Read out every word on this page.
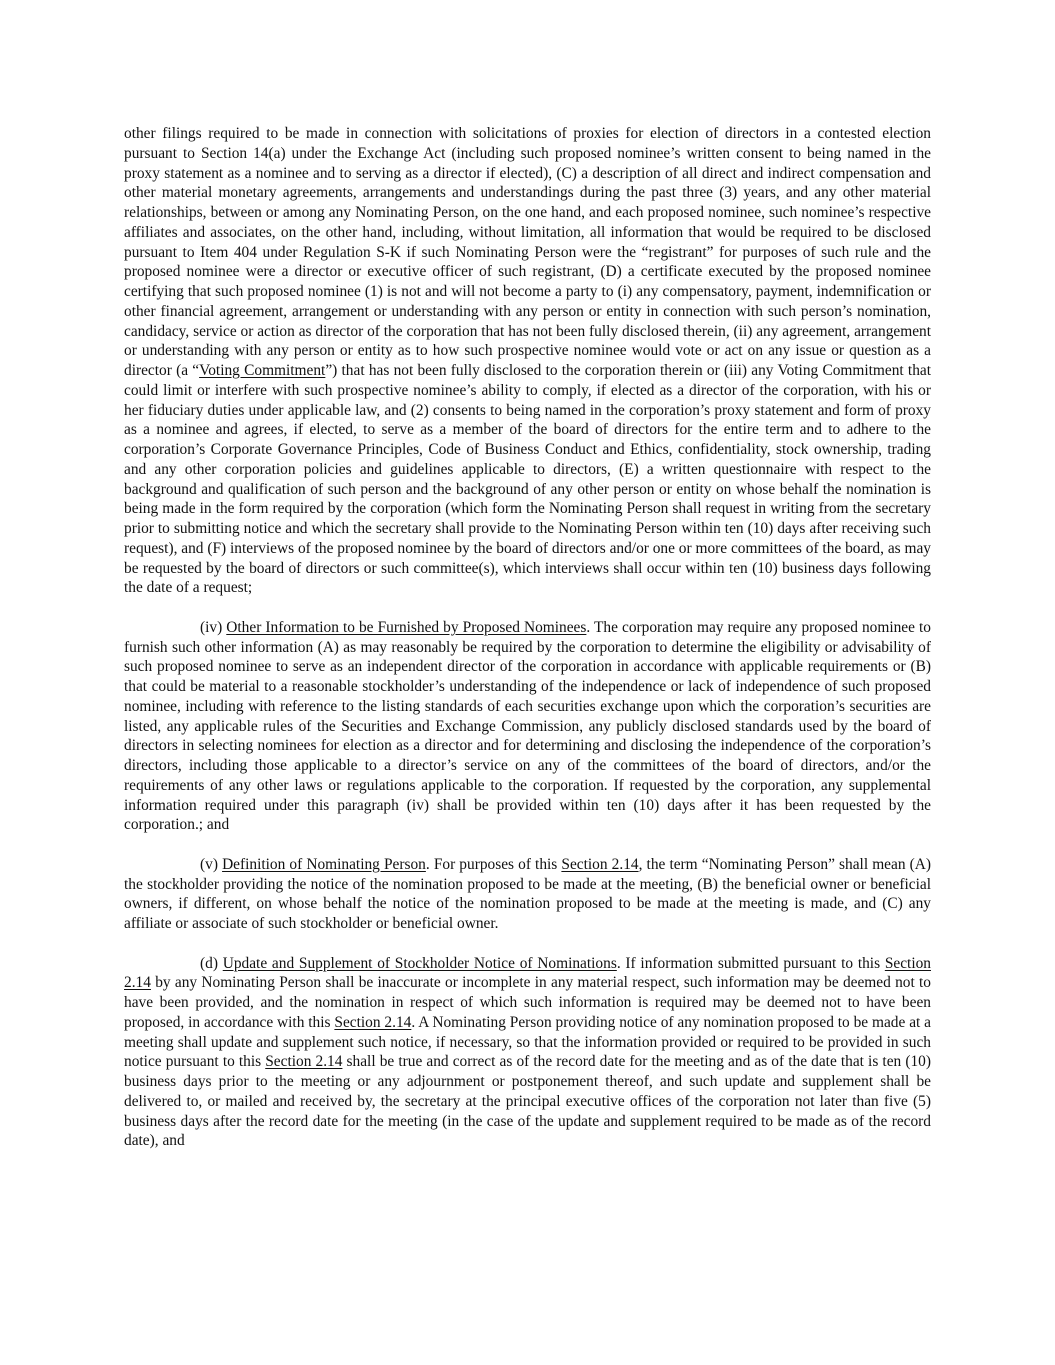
other filings required to be made in connection with solicitations of proxies for election of directors in a contested election pursuant to Section 14(a) under the Exchange Act (including such proposed nominee’s written consent to being named in the proxy statement as a nominee and to serving as a director if elected), (C) a description of all direct and indirect compensation and other material monetary agreements, arrangements and understandings during the past three (3) years, and any other material relationships, between or among any Nominating Person, on the one hand, and each proposed nominee, such nominee’s respective affiliates and associates, on the other hand, including, without limitation, all information that would be required to be disclosed pursuant to Item 404 under Regulation S-K if such Nominating Person were the “registrant” for purposes of such rule and the proposed nominee were a director or executive officer of such registrant, (D) a certificate executed by the proposed nominee certifying that such proposed nominee (1) is not and will not become a party to (i) any compensatory, payment, indemnification or other financial agreement, arrangement or understanding with any person or entity in connection with such person’s nomination, candidacy, service or action as director of the corporation that has not been fully disclosed therein, (ii) any agreement, arrangement or understanding with any person or entity as to how such prospective nominee would vote or act on any issue or question as a director (a “Voting Commitment”) that has not been fully disclosed to the corporation therein or (iii) any Voting Commitment that could limit or interfere with such prospective nominee’s ability to comply, if elected as a director of the corporation, with his or her fiduciary duties under applicable law, and (2) consents to being named in the corporation’s proxy statement and form of proxy as a nominee and agrees, if elected, to serve as a member of the board of directors for the entire term and to adhere to the corporation’s Corporate Governance Principles, Code of Business Conduct and Ethics, confidentiality, stock ownership, trading and any other corporation policies and guidelines applicable to directors, (E) a written questionnaire with respect to the background and qualification of such person and the background of any other person or entity on whose behalf the nomination is being made in the form required by the corporation (which form the Nominating Person shall request in writing from the secretary prior to submitting notice and which the secretary shall provide to the Nominating Person within ten (10) days after receiving such request), and (F) interviews of the proposed nominee by the board of directors and/or one or more committees of the board, as may be requested by the board of directors or such committee(s), which interviews shall occur within ten (10) business days following the date of a request;

(iv) Other Information to be Furnished by Proposed Nominees. The corporation may require any proposed nominee to furnish such other information (A) as may reasonably be required by the corporation to determine the eligibility or advisability of such proposed nominee to serve as an independent director of the corporation in accordance with applicable requirements or (B) that could be material to a reasonable stockholder’s understanding of the independence or lack of independence of such proposed nominee, including with reference to the listing standards of each securities exchange upon which the corporation’s securities are listed, any applicable rules of the Securities and Exchange Commission, any publicly disclosed standards used by the board of directors in selecting nominees for election as a director and for determining and disclosing the independence of the corporation’s directors, including those applicable to a director’s service on any of the committees of the board of directors, and/or the requirements of any other laws or regulations applicable to the corporation. If requested by the corporation, any supplemental information required under this paragraph (iv) shall be provided within ten (10) days after it has been requested by the corporation.; and

(v) Definition of Nominating Person. For purposes of this Section 2.14, the term “Nominating Person” shall mean (A) the stockholder providing the notice of the nomination proposed to be made at the meeting, (B) the beneficial owner or beneficial owners, if different, on whose behalf the notice of the nomination proposed to be made at the meeting is made, and (C) any affiliate or associate of such stockholder or beneficial owner.

(d) Update and Supplement of Stockholder Notice of Nominations. If information submitted pursuant to this Section 2.14 by any Nominating Person shall be inaccurate or incomplete in any material respect, such information may be deemed not to have been provided, and the nomination in respect of which such information is required may be deemed not to have been proposed, in accordance with this Section 2.14. A Nominating Person providing notice of any nomination proposed to be made at a meeting shall update and supplement such notice, if necessary, so that the information provided or required to be provided in such notice pursuant to this Section 2.14 shall be true and correct as of the record date for the meeting and as of the date that is ten (10) business days prior to the meeting or any adjournment or postponement thereof, and such update and supplement shall be delivered to, or mailed and received by, the secretary at the principal executive offices of the corporation not later than five (5) business days after the record date for the meeting (in the case of the update and supplement required to be made as of the record date), and
